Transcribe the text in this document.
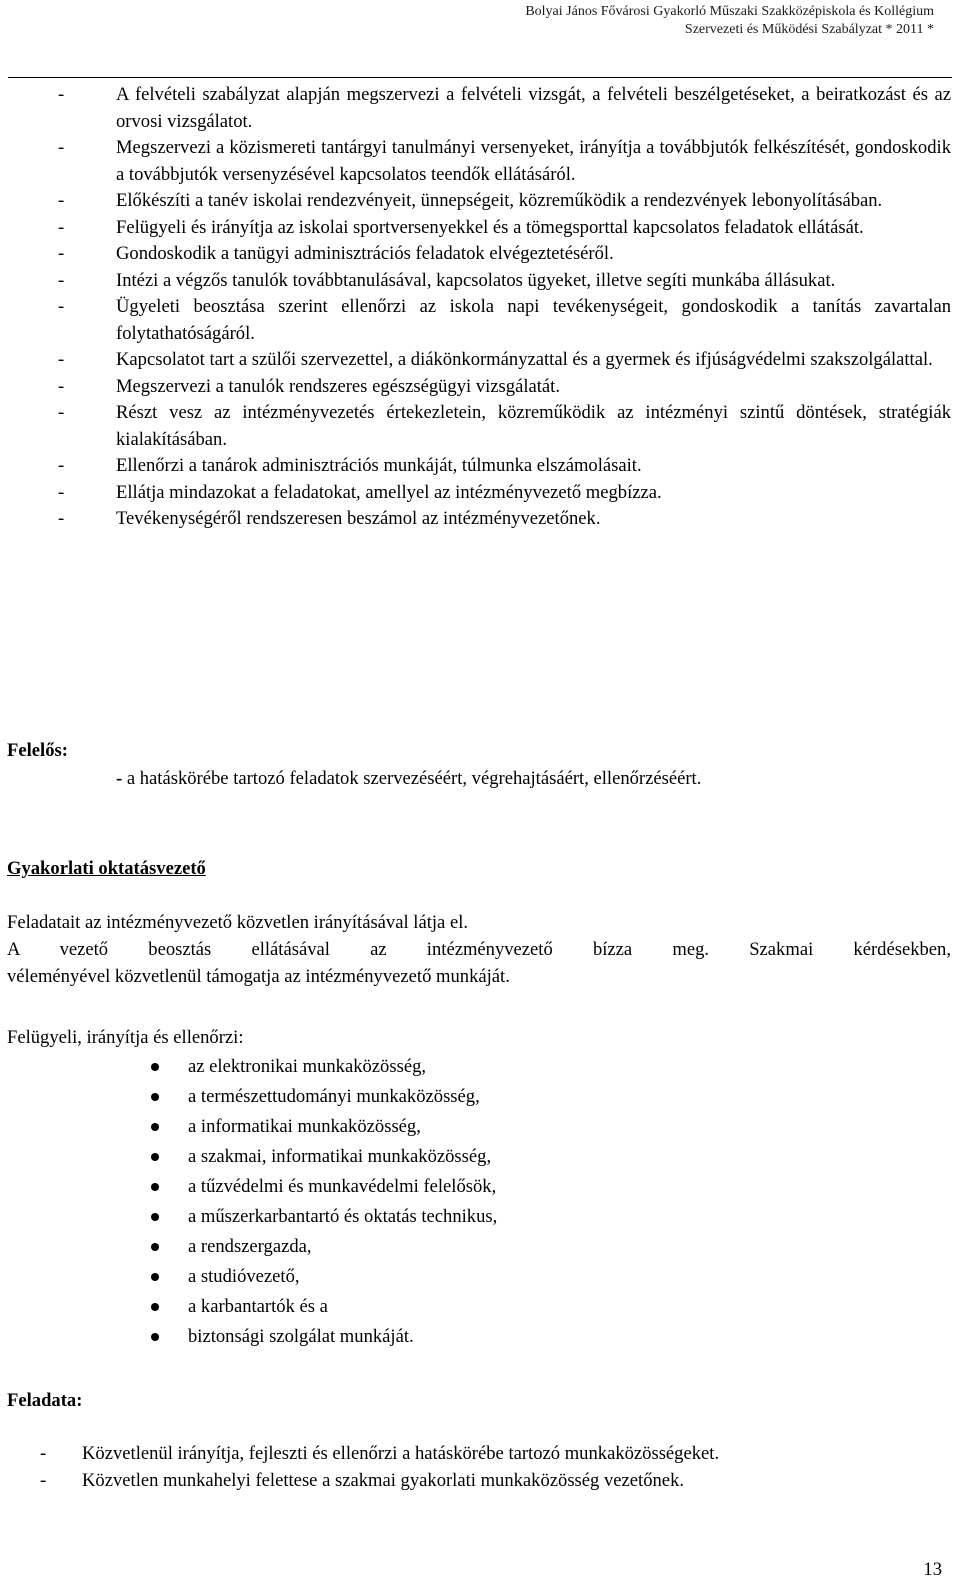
Bolyai János Fővárosi Gyakorló Műszaki Szakközépiskola és Kollégium
Szervezeti és Működési Szabályzat * 2011 *
- A felvételi szabályzat alapján megszervezi a felvételi vizsgát, a felvételi beszélgetéseket, a beiratkozást és az orvosi vizsgálatot.
- Megszervezi a közismereti tantárgyi tanulmányi versenyeket, irányítja a továbbjutók felkészítését, gondoskodik a továbbjutók versenyzésével kapcsolatos teendők ellátásáról.
- Előkészíti a tanév iskolai rendezvényeit, ünnepségeit, közreműködik a rendezvények lebonyolításában.
- Felügyeli és irányítja az iskolai sportversenyekkel és a tömegsporttal kapcsolatos feladatok ellátását.
- Gondoskodik a tanügyi adminisztrációs feladatok elvégeztetéséről.
- Intézi a végzős tanulók továbbtanulásával, kapcsolatos ügyeket, illetve segíti munkába állásukat.
- Ügyeleti beosztása szerint ellenőrzi az iskola napi tevékenységeit, gondoskodik a tanítás zavartalan folytathatóságáról.
- Kapcsolatot tart a szülői szervezettel, a diákönkormányzattal és a gyermek és ifjúságvédelmi szakszolgálattal.
- Megszervezi a tanulók rendszeres egészségügyi vizsgálatát.
- Részt vesz az intézményvezetés értekezletein, közreműködik az intézményi szintű döntések, stratégiák kialakításában.
- Ellenőrzi a tanárok adminisztrációs munkáját, túlmunka elszámolásait.
- Ellátja mindazokat a feladatokat, amellyel az intézményvezető megbízza.
- Tevékenységéről rendszeresen beszámol az intézményvezetőnek.
Felelős:
- a hatáskörébe tartozó feladatok szervezéséért, végrehajtásáért, ellenőrzéséért.
Gyakorlati oktatásvezető
Feladatait az intézményvezető közvetlen irányításával látja el.
A vezető beosztás ellátásával az intézményvezető bízza meg. Szakmai kérdésekben,
véleményével közvetlenül támogatja az intézményvezető munkáját.
Felügyeli, irányítja és ellenőrzi:
az elektronikai munkaközösség,
a természettudományi munkaközösség,
a informatikai munkaközösség,
a szakmai, informatikai munkaközösség,
a tűzvédelmi és munkavédelmi felelősök,
a műszerkarbantartó és oktatás technikus,
a rendszergazda,
a studióvezető,
a karbantartók és a
biztonsági szolgálat munkáját.
Feladata:
- Közvetlenül irányítja, fejleszti és ellenőrzi a hatáskörébe tartozó munkaközösségeket.
- Közvetlen munkahelyi felettese a szakmai gyakorlati munkaközösség vezetőnek.
13
